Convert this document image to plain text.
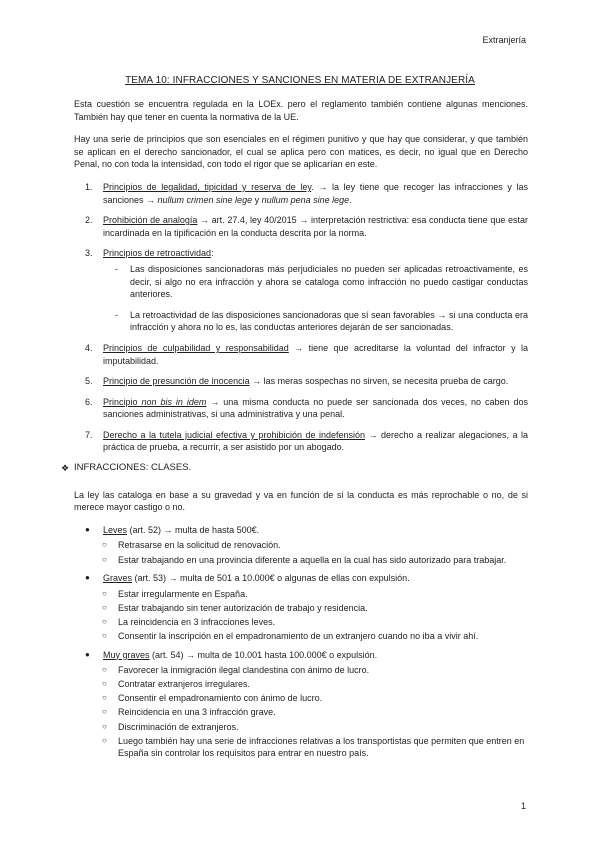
Extranjería
TEMA 10: INFRACCIONES Y SANCIONES EN MATERIA DE EXTRANJERÍA

Esta cuestión se encuentra regulada en la LOEx. pero el reglamento también contiene algunas menciones. También hay que tener en cuenta la normativa de la UE.

Hay una serie de principios que son esenciales en el régimen punitivo y que hay que considerar, y que también se aplican en el derecho sancionador, el cual se aplica pero con matices, es decir, no igual que en Derecho Penal, no con toda la intensidad, con todo el rigor que se aplicarían en este.

1. Principios de legalidad, tipicidad y reserva de ley. → la ley tiene que recoger las infracciones y las sanciones → nullum crimen sine lege y nullum pena sine lege.
2. Prohibición de analogía → art. 27.4, ley 40/2015 → interpretación restrictiva: esa conducta tiene que estar incardinada en la tipificación en la conducta descrita por la norma.
3. Principios de retroactividad:
- Las disposiciones sancionadoras más perjudiciales no pueden ser aplicadas retroactivamente, es decir, si algo no era infracción y ahora se cataloga como infracción no puedo castigar conductas anteriores.
- La retroactividad de las disposiciones sancionadoras que sí sean favorables → si una conducta era infracción y ahora no lo es, las conductas anteriores dejarán de ser sancionadas.
4. Principios de culpabilidad y responsabilidad → tiene que acreditarse la voluntad del infractor y la imputabilidad.
5. Principio de presunción de inocencia → las meras sospechas no sirven, se necesita prueba de cargo.
6. Principio non bis in idem → una misma conducta no puede ser sancionada dos veces, no caben dos sanciones administrativas, si una administrativa y una penal.
7. Derecho a la tutela judicial efectiva y prohibición de indefensión → derecho a realizar alegaciones, a la práctica de prueba, a recurrir, a ser asistido por un abogado.
❖ INFRACCIONES: CLASES.

La ley las cataloga en base a su gravedad y va en función de si la conducta es más reprochable o no, de si merece mayor castigo o no.

● Leves (art. 52) → multa de hasta 500€.
○ Retrasarse en la solicitud de renovación.
○ Estar trabajando en una provincia diferente a aquella en la cual has sido autorizado para trabajar.
● Graves (art. 53) → multa de 501 a 10.000€ o algunas de ellas con expulsión.
○ Estar irregularmente en España.
○ Estar trabajando sin tener autorización de trabajo y residencia.
○ La reincidencia en 3 infracciones leves.
○ Consentir la inscripción en el empadronamiento de un extranjero cuando no iba a vivir ahí.
● Muy graves (art. 54) → multa de 10.001 hasta 100.000€ o expulsión.
○ Favorecer la inmigración ilegal clandestina con ánimo de lucro.
○ Contratar extranjeros irregulares.
○ Consentir el empadronamiento con ánimo de lucro.
○ Reincidencia en una 3 infracción grave.
○ Discriminación de extranjeros.
○ Luego también hay una serie de infracciones relativas a los transportistas que permiten que entren en España sin controlar los requisitos para entrar en nuestro país.
1
